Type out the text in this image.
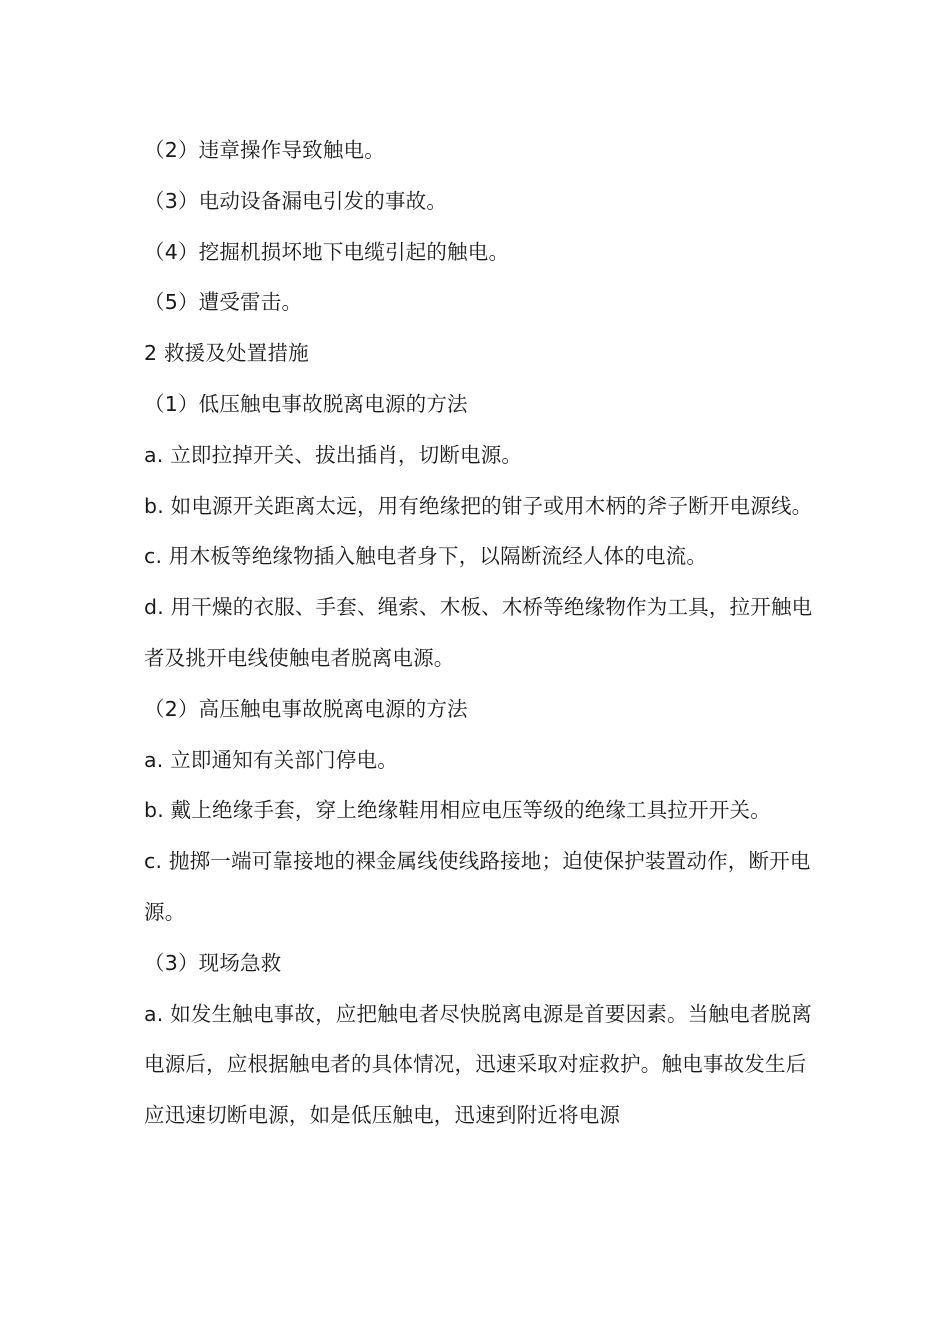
（2）违章操作导致触电。

（3）电动设备漏电引发的事故。

（4）挖掘机损坏地下电缆引起的触电。

（5）遭受雷击。

2 救援及处置措施

（1）低压触电事故脱离电源的方法

a. 立即拉掉开关、拔出插肖，切断电源。

b. 如电源开关距离太远，用有绝缘把的钳子或用木柄的斧子断开电源线。

c. 用木板等绝缘物插入触电者身下，以隔断流经人体的电流。

d. 用干燥的衣服、手套、绳索、木板、木桥等绝缘物作为工具，拉开触电者及挑开电线使触电者脱离电源。

（2）高压触电事故脱离电源的方法

a. 立即通知有关部门停电。

b. 戴上绝缘手套，穿上绝缘鞋用相应电压等级的绝缘工具拉开开关。

c. 抛掷一端可靠接地的裸金属线使线路接地；迫使保护装置动作，断开电源。

（3）现场急救

a. 如发生触电事故，应把触电者尽快脱离电源是首要因素。当触电者脱离电源后，应根据触电者的具体情况，迅速采取对症救护。触电事故发生后应迅速切断电源，如是低压触电，迅速到附近将电源
